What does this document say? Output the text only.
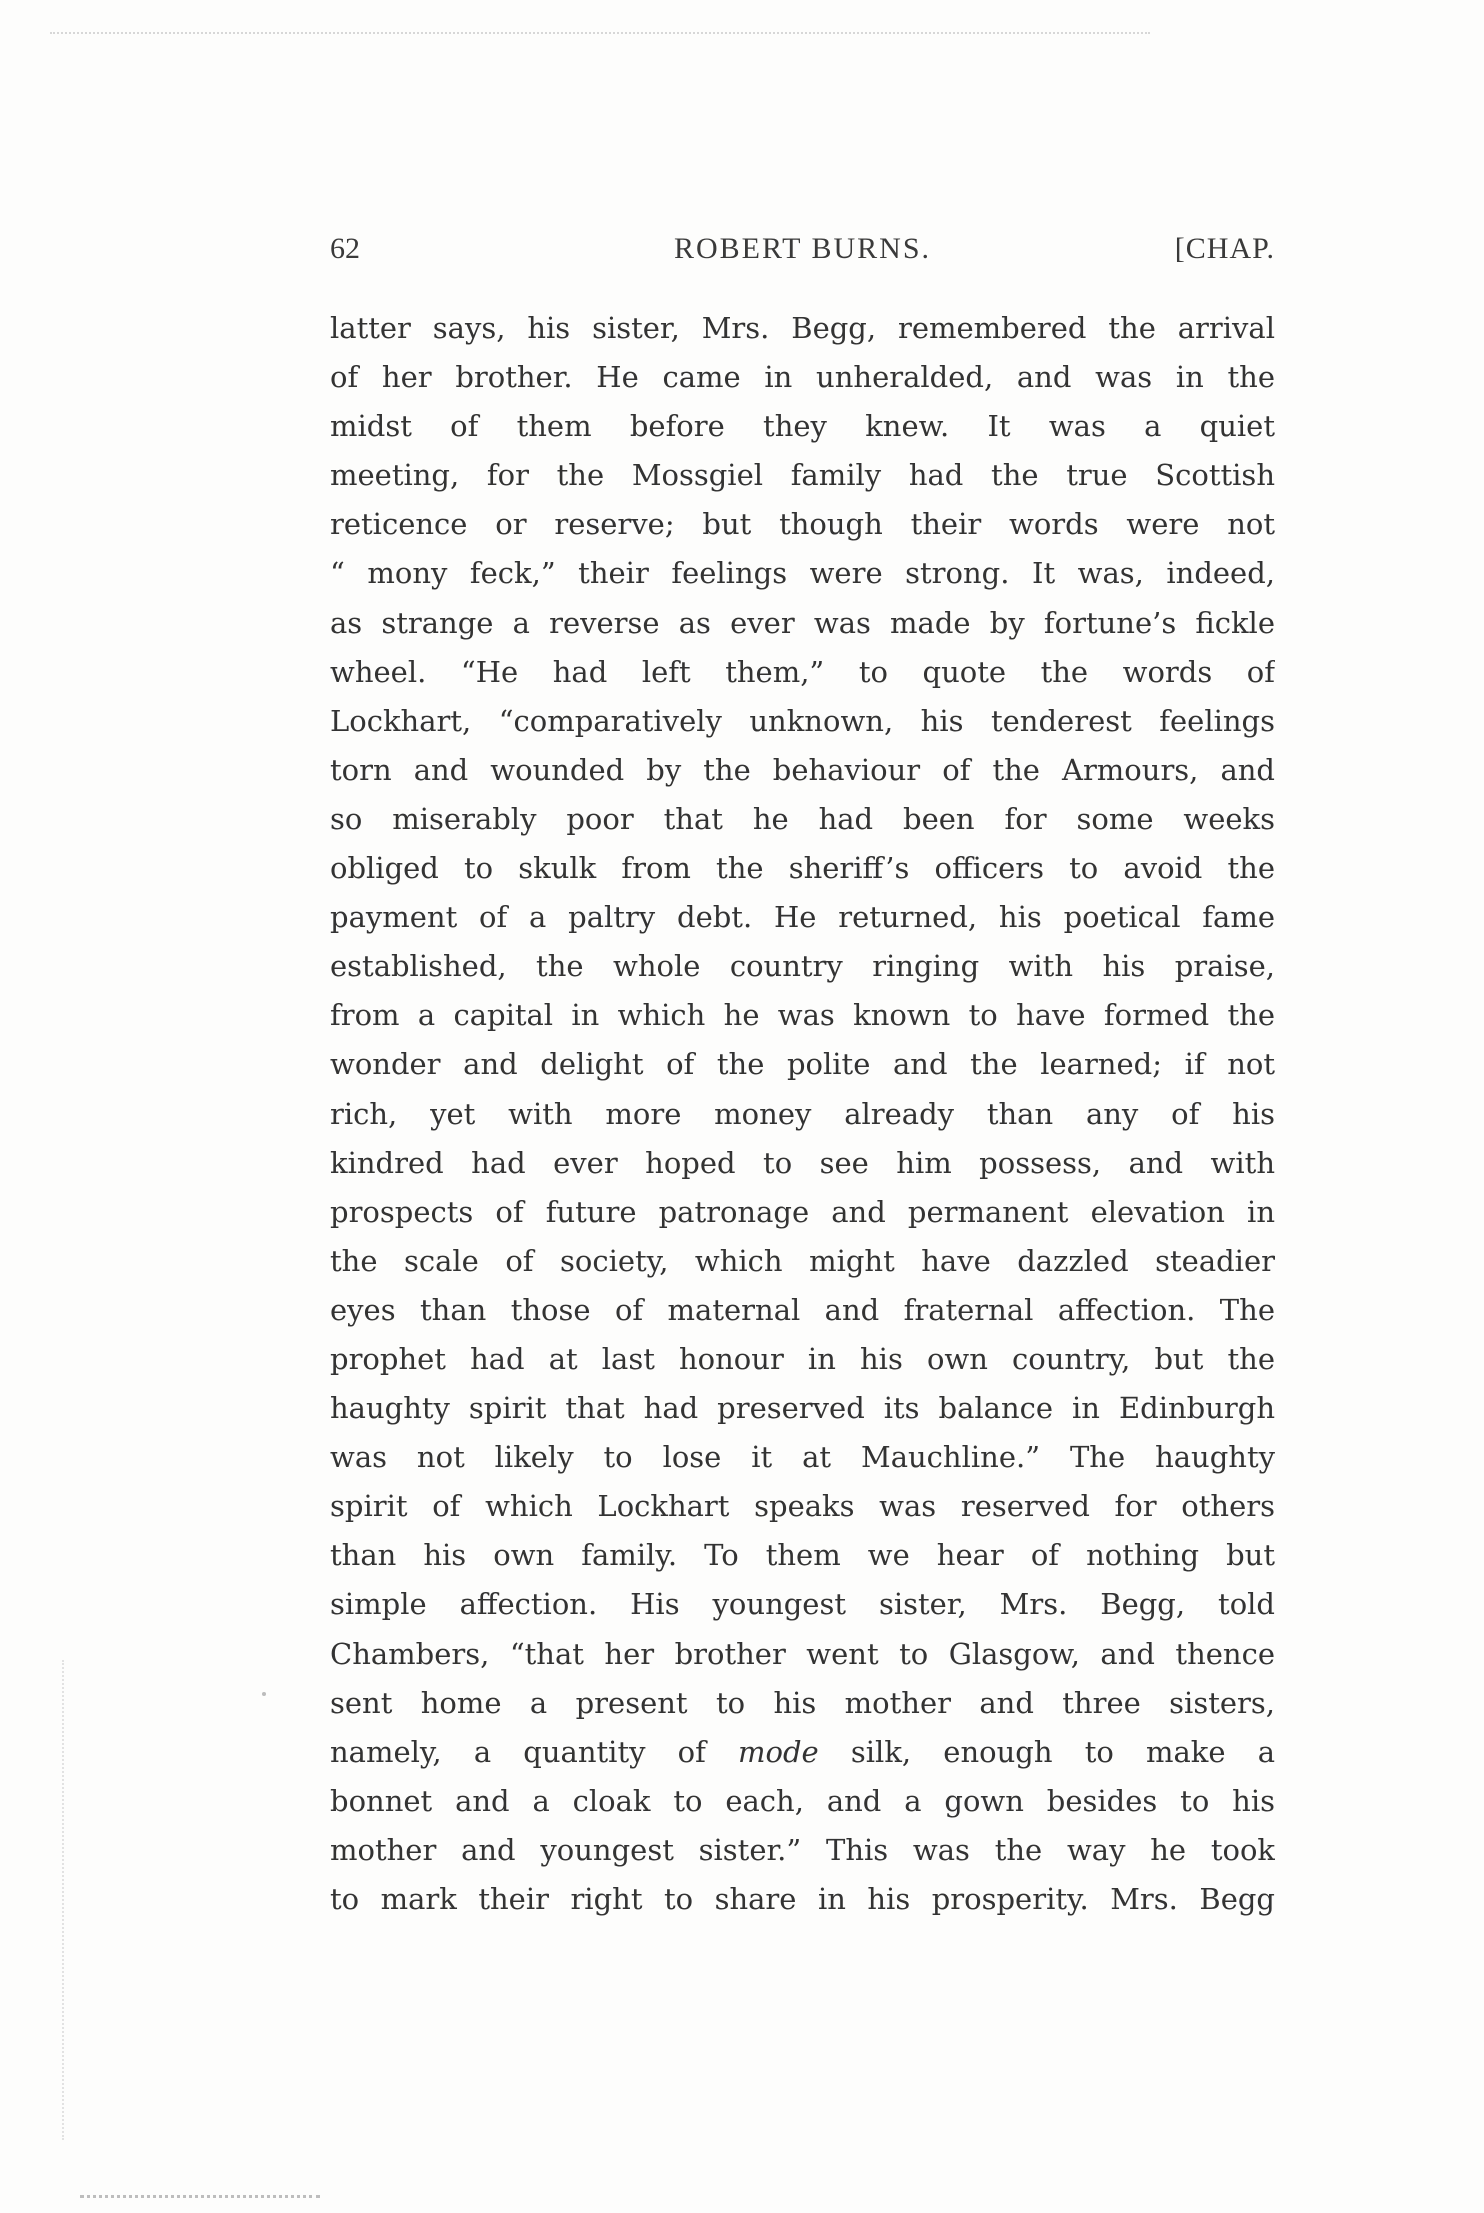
62	ROBERT BURNS.	[CHAP.
latter says, his sister, Mrs. Begg, remembered the arrival
of her brother. He came in unheralded, and was in the
midst of them before they knew. It was a quiet
meeting, for the Mossgiel family had the true Scottish
reticence or reserve; but though their words were not
“ mony feck,” their feelings were strong. It was, indeed,
as strange a reverse as ever was made by fortune’s fickle
wheel. “He had left them,” to quote the words of
Lockhart, “comparatively unknown, his tenderest feelings
torn and wounded by the behaviour of the Armours, and
so miserably poor that he had been for some weeks
obliged to skulk from the sheriff’s officers to avoid the
payment of a paltry debt. He returned, his poetical fame
established, the whole country ringing with his praise,
from a capital in which he was known to have formed the
wonder and delight of the polite and the learned; if not
rich, yet with more money already than any of his
kindred had ever hoped to see him possess, and with
prospects of future patronage and permanent elevation in
the scale of society, which might have dazzled steadier
eyes than those of maternal and fraternal affection. The
prophet had at last honour in his own country, but the
haughty spirit that had preserved its balance in Edinburgh
was not likely to lose it at Mauchline.” The haughty
spirit of which Lockhart speaks was reserved for others
than his own family. To them we hear of nothing but
simple affection. His youngest sister, Mrs. Begg, told
Chambers, “that her brother went to Glasgow, and thence
sent home a present to his mother and three sisters,
namely, a quantity of mode silk, enough to make a
bonnet and a cloak to each, and a gown besides to his
mother and youngest sister.” This was the way he took
to mark their right to share in his prosperity. Mrs. Begg
